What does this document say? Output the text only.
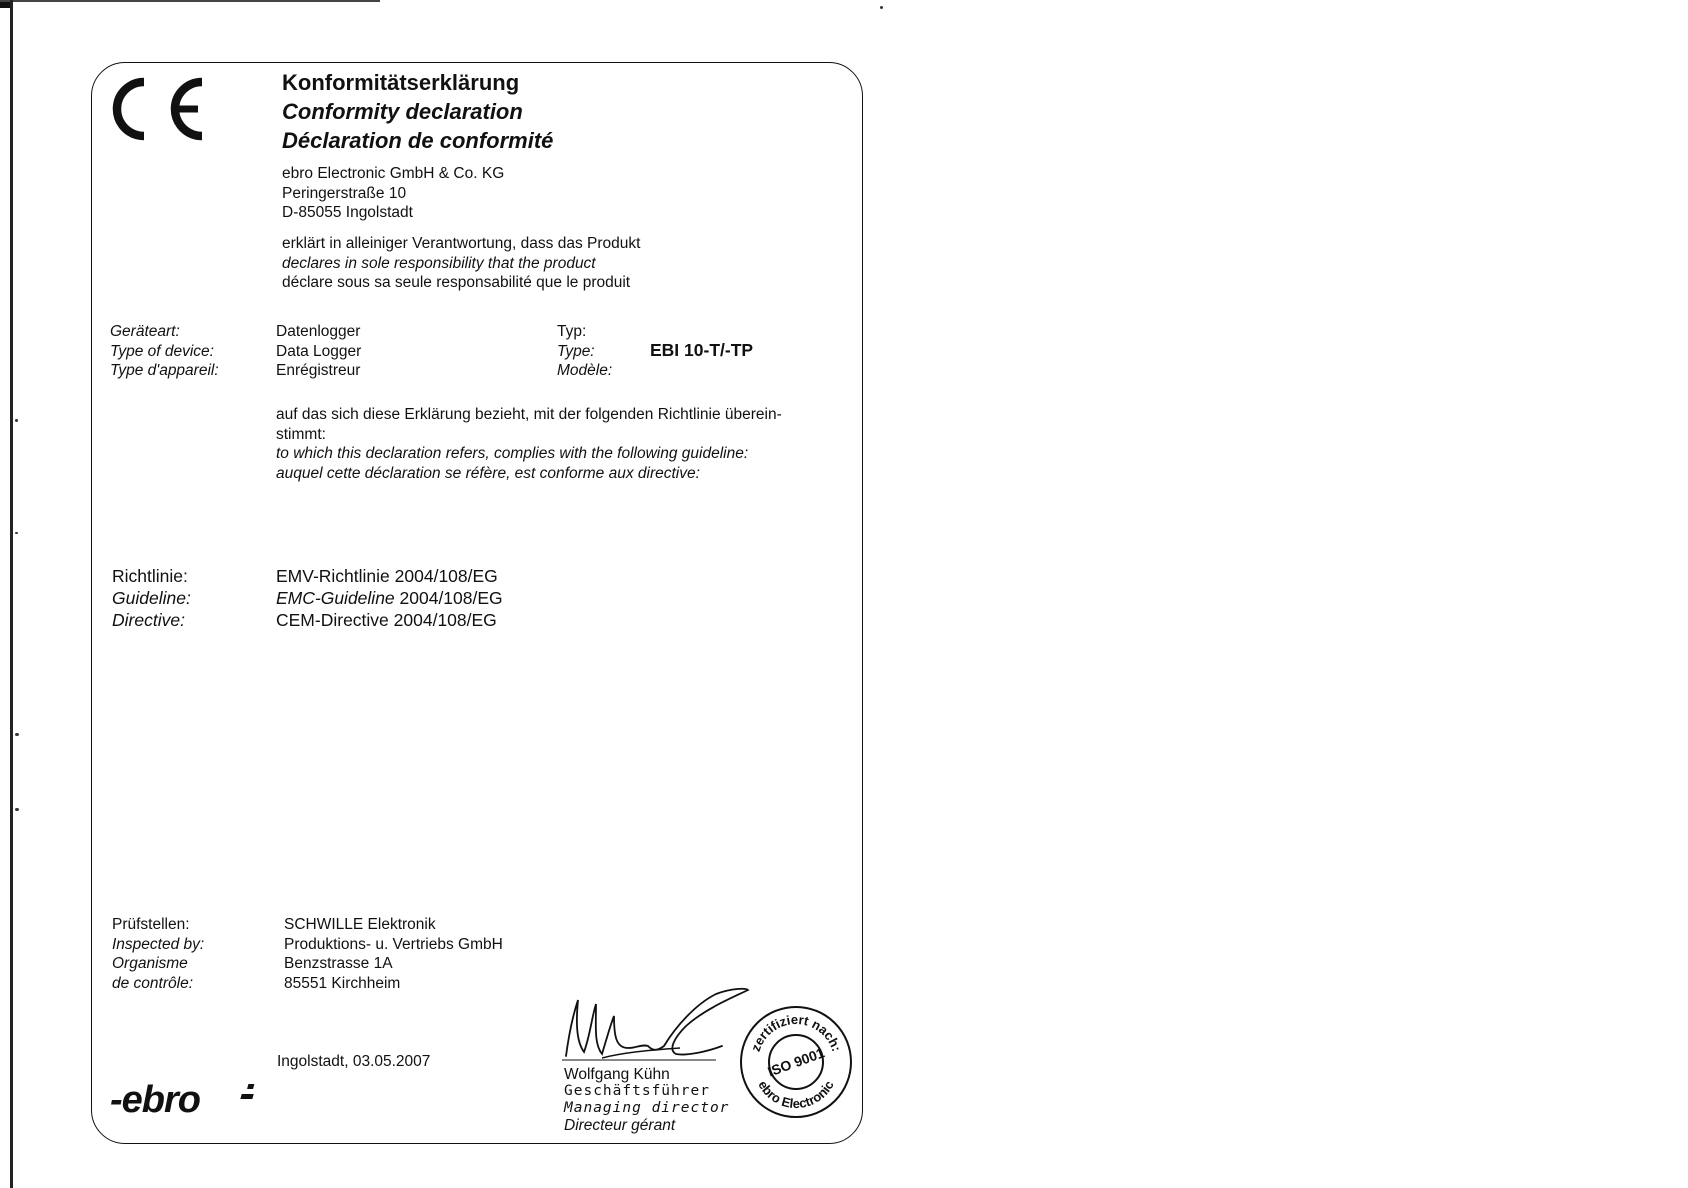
Konformitätserklärung
Conformity declaration
Déclaration de conformité
ebro Electronic GmbH & Co. KG
Peringerstraße 10
D-85055 Ingolstadt
erklärt in alleiniger Verantwortung, dass das Produkt
declares in sole responsibility that the product
déclare sous sa seule responsabilité que le produit
Geräteart:
Type of device:
Type d'appareil:
Datenlogger
Data Logger
Enrégistreur
Typ:
Type:
Modèle:
EBI 10-T/-TP
auf das sich diese Erklärung bezieht, mit der folgenden Richtlinie überein-
stimmt:
to which this declaration refers, complies with the following guideline:
auquel cette déclaration se réfère, est conforme aux directive:
Richtlinie:
Guideline:
Directive:
EMV-Richtlinie 2004/108/EG
EMC-Guideline 2004/108/EG
CEM-Directive 2004/108/EG
Prüfstellen:
Inspected by:
Organisme
de contrôle:
SCHWILLE Elektronik
Produktions- u. Vertriebs GmbH
Benzstrasse 1A
85551 Kirchheim
Ingolstadt, 03.05.2007
Wolfgang Kühn
Geschäftsführer
Managing director
Directeur gérant
zertifiziert nach:
ebro Electronic
ISO 9001
-ebro
